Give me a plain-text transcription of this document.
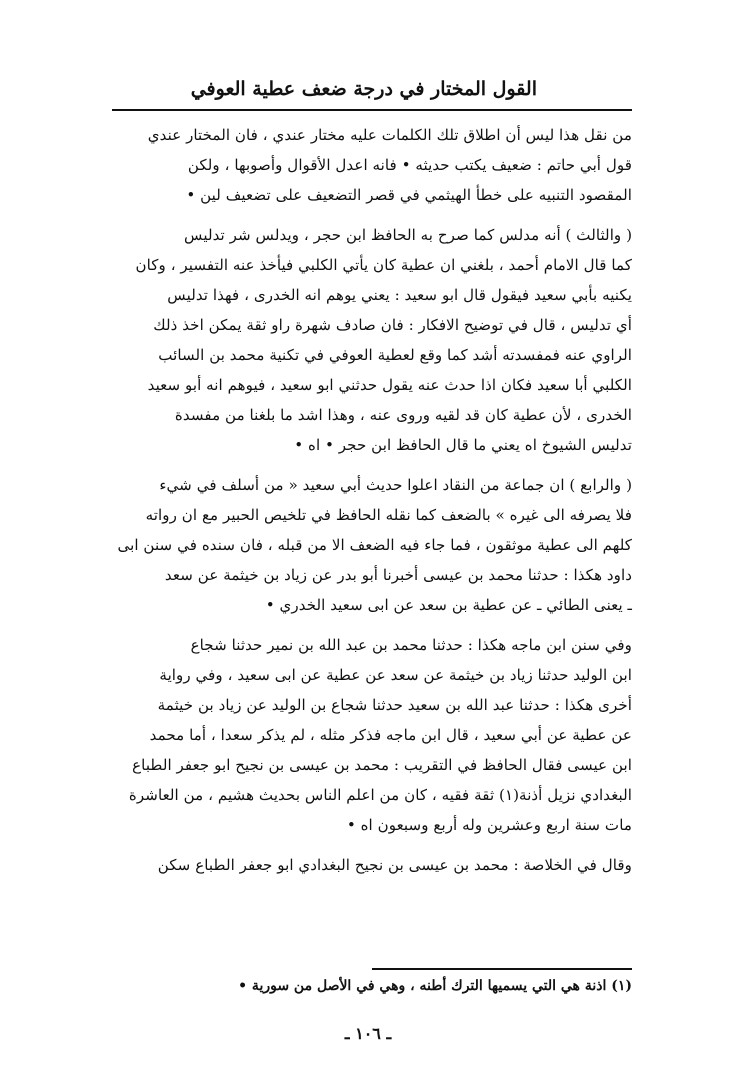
القول المختار في درجة ضعف عطية العوفي

من نقل هذا ليس أن اطلاق تلك الكلمات عليه مختار عندي ، فان المختار عندي
قول أبي حاتم : ضعيف يكتب حديثه • فانه اعدل الأقوال وأصوبها ، ولكن
المقصود التنبيه على خطأ الهيثمي في قصر التضعيف على تضعيف لين •

( والثالث ) أنه مدلس كما صرح به الحافظ ابن حجر ، ويدلس شر تدليس
كما قال الامام أحمد ، بلغني ان عطية كان يأتي الكلبي فيأخذ عنه التفسير ، وكان
يكنيه بأبي سعيد فيقول قال ابو سعيد : يعني يوهم انه الخدرى ، فهذا تدليس
أي تدليس ، قال في توضيح الافكار : فان صادف شهرة راو ثقة يمكن اخذ ذلك
الراوي عنه فمفسدته أشد كما وقع لعطية العوفي في تكنية محمد بن السائب
الكلبي أبا سعيد فكان اذا حدث عنه يقول حدثني ابو سعيد ، فيوهم انه أبو سعيد
الخدرى ، لأن عطية كان قد لقيه وروى عنه ، وهذا اشد ما بلغنا من مفسدة
تدليس الشيوخ اه يعني ما قال الحافظ ابن حجر • اه •

( والرابع ) ان جماعة من النقاد اعلوا حديث أبي سعيد « من أسلف في شيء
فلا يصرفه الى غيره » بالضعف كما نقله الحافظ في تلخيص الحبير مع ان رواته
كلهم الى عطية موثقون ، فما جاء فيه الضعف الا من قبله ، فان سنده في سنن ابى
داود هكذا : حدثنا محمد بن عيسى أخبرنا أبو بدر عن زياد بن خيثمة عن سعد
ـ يعنى الطائي ـ عن عطية بن سعد عن ابى سعيد الخدري •

وفي سنن ابن ماجه هكذا : حدثنا محمد بن عبد الله بن نمير حدثنا شجاع
ابن الوليد حدثنا زياد بن خيثمة عن سعد عن عطية عن ابى سعيد ، وفي رواية
أخرى هكذا : حدثنا عبد الله بن سعيد حدثنا شجاع بن الوليد عن زياد بن خيثمة
عن عطية عن أبي سعيد ، قال ابن ماجه فذكر مثله ، لم يذكر سعدا ، أما محمد
ابن عيسى فقال الحافظ في التقريب : محمد بن عيسى بن نجيح ابو جعفر الطباع
البغدادي نزيل أذنة(١) ثقة فقيه ، كان من اعلم الناس بحديث هشيم ، من العاشرة
مات سنة اربع وعشرين وله أربع وسبعون اه •

وقال في الخلاصة : محمد بن عيسى بن نجيح البغدادي ابو جعفر الطباع سكن

(١) اذنة هي التي يسميها الترك أطنه ، وهي في الأصل من سورية •
ـ ١٠٦ ـ
